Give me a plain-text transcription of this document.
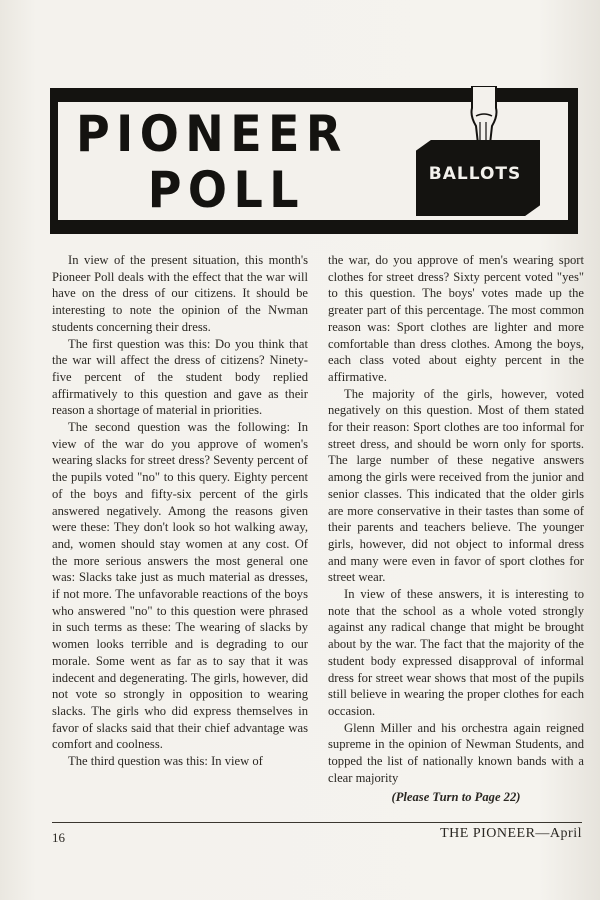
PIONEER
POLL	BALLOTS

In view of the present situation, this month's Pioneer Poll deals with the effect that the war will have on the dress of our citizens. It should be interesting to note the opinion of the Nwman students concerning their dress.

The first question was this: Do you think that the war will affect the dress of citizens? Ninety-five percent of the student body replied affirmatively to this question and gave as their reason a shortage of material in priorities.

The second question was the following: In view of the war do you approve of women's wearing slacks for street dress? Seventy percent of the pupils voted "no" to this query. Eighty percent of the boys and fifty-six percent of the girls answered negatively. Among the reasons given were these: They don't look so hot walking away, and, women should stay women at any cost. Of the more serious answers the most general one was: Slacks take just as much material as dresses, if not more. The unfavorable reactions of the boys who answered "no" to this question were phrased in such terms as these: The wearing of slacks by women looks terrible and is degrading to our morale. Some went as far as to say that it was indecent and degenerating. The girls, however, did not vote so strongly in opposition to wearing slacks. The girls who did express themselves in favor of slacks said that their chief advantage was comfort and coolness.

The third question was this: In view of

the war, do you approve of men's wearing sport clothes for street dress? Sixty percent voted "yes" to this question. The boys' votes made up the greater part of this percentage. The most common reason was: Sport clothes are lighter and more comfortable than dress clothes. Among the boys, each class voted about eighty percent in the affirmative.

The majority of the girls, however, voted negatively on this question. Most of them stated for their reason: Sport clothes are too informal for street dress, and should be worn only for sports. The large number of these negative answers among the girls were received from the junior and senior classes. This indicated that the older girls are more conservative in their tastes than some of their parents and teachers believe. The younger girls, however, did not object to informal dress and many were even in favor of sport clothes for street wear.

In view of these answers, it is interesting to note that the school as a whole voted strongly against any radical change that might be brought about by the war. The fact that the majority of the student body expressed disapproval of informal dress for street wear shows that most of the pupils still believe in wearing the proper clothes for each occasion.

Glenn Miller and his orchestra again reigned supreme in the opinion of Newman Students, and topped the list of nationally known bands with a clear majority

(Please Turn to Page 22)
16	THE PIONEER—April
